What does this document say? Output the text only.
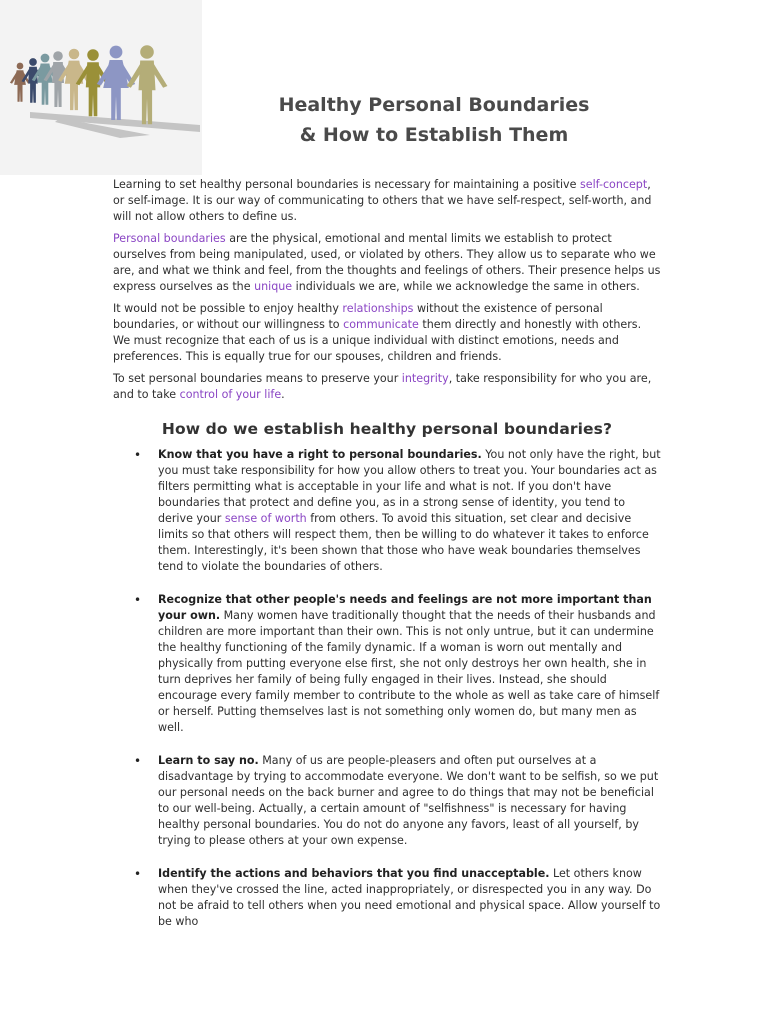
Healthy Personal Boundaries
& How to Establish Them

Learning to set healthy personal boundaries is necessary for maintaining a positive self-concept, or self-image. It is our way of communicating to others that we have self-respect, self-worth, and will not allow others to define us.

Personal boundaries are the physical, emotional and mental limits we establish to protect ourselves from being manipulated, used, or violated by others. They allow us to separate who we are, and what we think and feel, from the thoughts and feelings of others. Their presence helps us express ourselves as the unique individuals we are, while we acknowledge the same in others.

It would not be possible to enjoy healthy relationships without the existence of personal boundaries, or without our willingness to communicate them directly and honestly with others. We must recognize that each of us is a unique individual with distinct emotions, needs and preferences. This is equally true for our spouses, children and friends.

To set personal boundaries means to preserve your integrity, take responsibility for who you are, and to take control of your life.

How do we establish healthy personal boundaries?
• Know that you have a right to personal boundaries. You not only have the right, but you must take responsibility for how you allow others to treat you. Your boundaries act as filters permitting what is acceptable in your life and what is not. If you don't have boundaries that protect and define you, as in a strong sense of identity, you tend to derive your sense of worth from others. To avoid this situation, set clear and decisive limits so that others will respect them, then be willing to do whatever it takes to enforce them. Interestingly, it's been shown that those who have weak boundaries themselves tend to violate the boundaries of others.
• Recognize that other people's needs and feelings are not more important than your own. Many women have traditionally thought that the needs of their husbands and children are more important than their own. This is not only untrue, but it can undermine the healthy functioning of the family dynamic. If a woman is worn out mentally and physically from putting everyone else first, she not only destroys her own health, she in turn deprives her family of being fully engaged in their lives. Instead, she should encourage every family member to contribute to the whole as well as take care of himself or herself. Putting themselves last is not something only women do, but many men as well.
• Learn to say no. Many of us are people-pleasers and often put ourselves at a disadvantage by trying to accommodate everyone. We don't want to be selfish, so we put our personal needs on the back burner and agree to do things that may not be beneficial to our well-being. Actually, a certain amount of "selfishness" is necessary for having healthy personal boundaries. You do not do anyone any favors, least of all yourself, by trying to please others at your own expense.
• Identify the actions and behaviors that you find unacceptable. Let others know when they've crossed the line, acted inappropriately, or disrespected you in any way. Do not be afraid to tell others when you need emotional and physical space. Allow yourself to be who
